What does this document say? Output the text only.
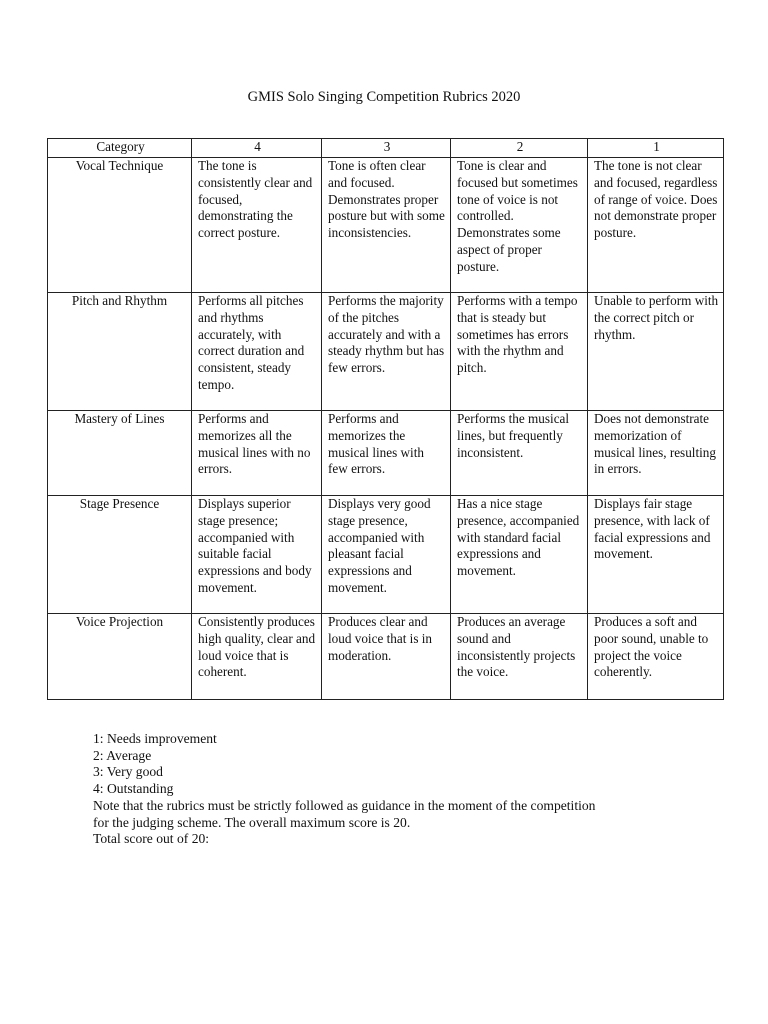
GMIS Solo Singing Competition Rubrics 2020
Category	4	3	2	1
Vocal Technique	The tone is consistently clear and focused, demonstrating the correct posture.	Tone is often clear and focused. Demonstrates proper posture but with some inconsistencies.	Tone is clear and focused but sometimes tone of voice is not controlled. Demonstrates some aspect of proper posture.	The tone is not clear and focused, regardless of range of voice. Does not demonstrate proper posture.
Pitch and Rhythm	Performs all pitches and rhythms accurately, with correct duration and consistent, steady tempo.	Performs the majority of the pitches accurately and with a steady rhythm but has few errors.	Performs with a tempo that is steady but sometimes has errors with the rhythm and pitch.	Unable to perform with the correct pitch or rhythm.
Mastery of Lines	Performs and memorizes all the musical lines with no errors.	Performs and memorizes the musical lines with few errors.	Performs the musical lines, but frequently inconsistent.	Does not demonstrate memorization of musical lines, resulting in errors.
Stage Presence	Displays superior stage presence; accompanied with suitable facial expressions and body movement.	Displays very good stage presence, accompanied with pleasant facial expressions and movement.	Has a nice stage presence, accompanied with standard facial expressions and movement.	Displays fair stage presence, with lack of facial expressions and movement.
Voice Projection	Consistently produces high quality, clear and loud voice that is coherent.	Produces clear and loud voice that is in moderation.	Produces an average sound and inconsistently projects the voice.	Produces a soft and poor sound, unable to project the voice coherently.
1: Needs improvement
2: Average
3: Very good
4: Outstanding
Note that the rubrics must be strictly followed as guidance in the moment of the competition
for the judging scheme. The overall maximum score is 20.
Total score out of 20:
